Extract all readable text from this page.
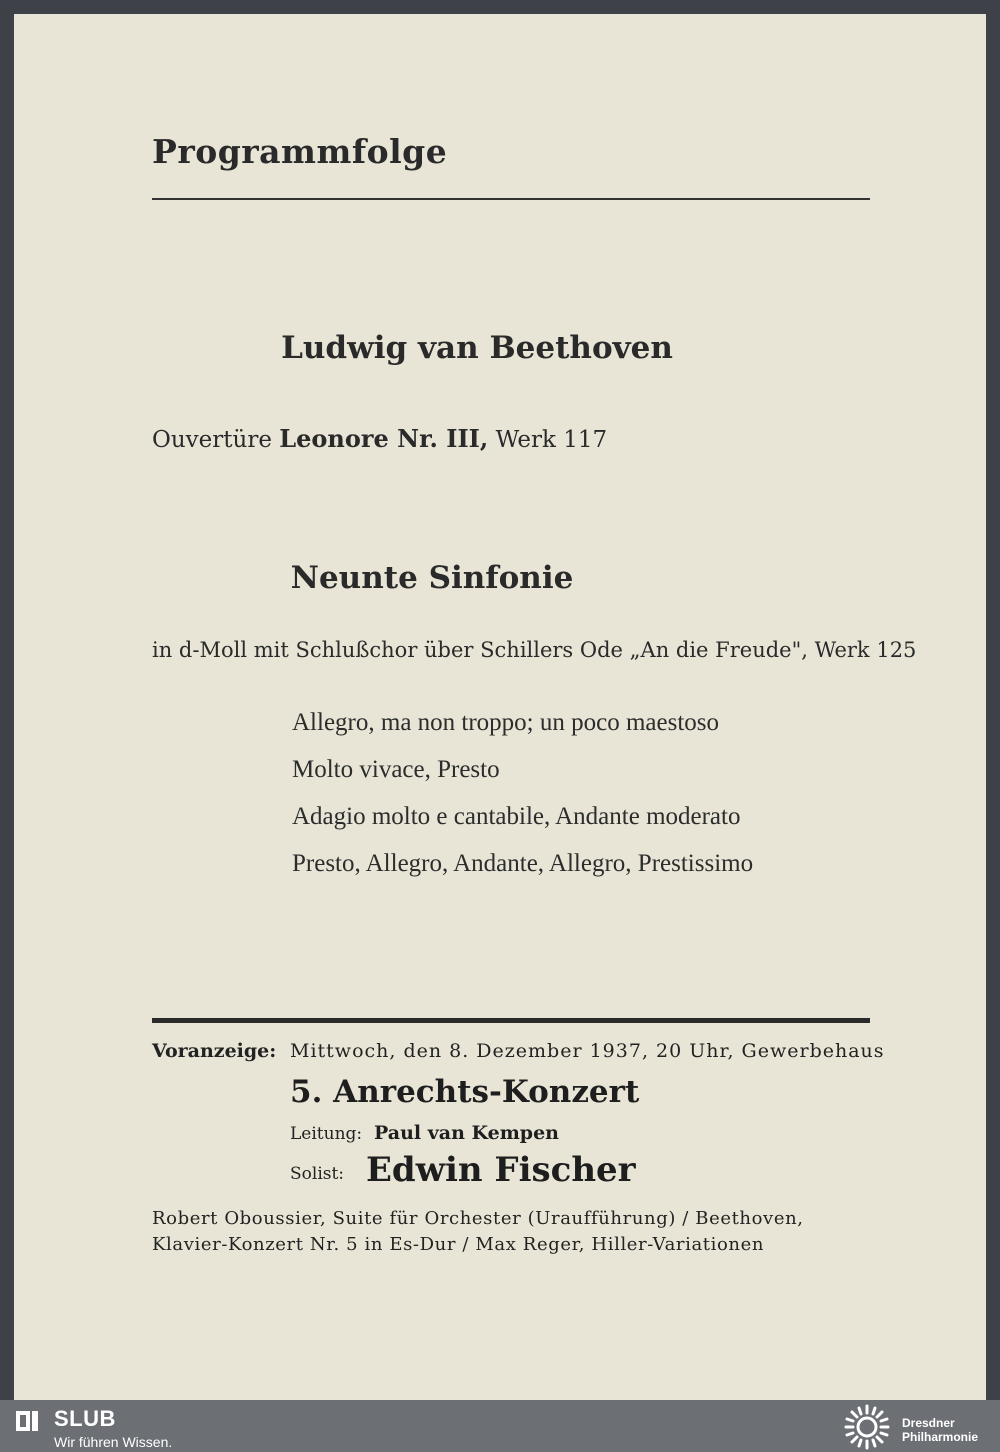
Programmfolge
Ludwig van Beethoven
Ouvertüre Leonore Nr. III, Werk 117
Neunte Sinfonie
in d-Moll mit Schlußchor über Schillers Ode „An die Freude", Werk 125
Allegro, ma non troppo; un poco maestoso
Molto vivace, Presto
Adagio molto e cantabile, Andante moderato
Presto, Allegro, Andante, Allegro, Prestissimo
Voranzeige: Mittwoch, den 8. Dezember 1937, 20 Uhr, Gewerbehaus
5. Anrechts-Konzert
Leitung: Paul van Kempen
Solist: Edwin Fischer
Robert Oboussier, Suite für Orchester (Uraufführung) / Beethoven,
Klavier-Konzert Nr. 5 in Es-Dur / Max Reger, Hiller-Variationen
SLUB
Wir führen Wissen.
Dresdner
Philharmonie
